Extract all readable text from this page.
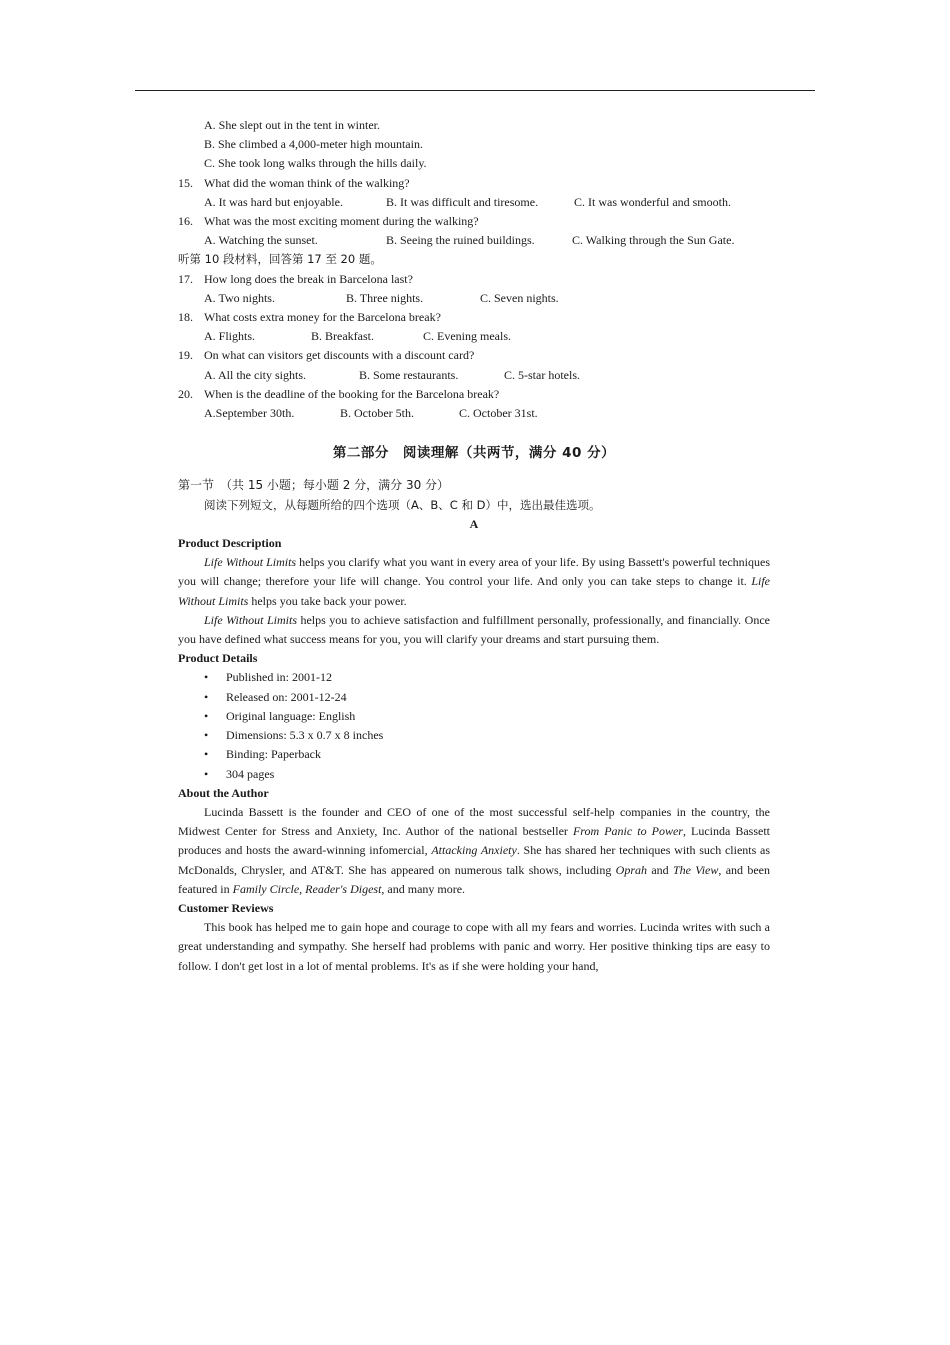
A. She slept out in the tent in winter.
B. She climbed a 4,000-meter high mountain.
C. She took long walks through the hills daily.
15. What did the woman think of the walking?
A. It was hard but enjoyable.	B. It was difficult and tiresome.	C. It was wonderful and smooth.
16. What was the most exciting moment during the walking?
A. Watching the sunset.	B. Seeing the ruined buildings.	C. Walking through the Sun Gate.
听第 10 段材料，回答第 17 至 20 题。
17. How long does the break in Barcelona last?
A. Two nights.	B. Three nights.	C. Seven nights.
18. What costs extra money for the Barcelona break?
A. Flights.	B. Breakfast.	C. Evening meals.
19. On what can visitors get discounts with a discount card?
A. All the city sights.	B. Some restaurants.	C. 5-star hotels.
20. When is the deadline of the booking for the Barcelona break?
A.September 30th.	B. October 5th.	C. October 31st.
第二部分　阅读理解（共两节，满分 40 分）
第一节　（共 15 小题；每小题 2 分，满分 30 分）
阅读下列短文，从每题所给的四个选项（A、B、C 和 D）中，选出最佳选项。
A
Product Description
Life Without Limits helps you clarify what you want in every area of your life. By using Bassett's powerful techniques you will change; therefore your life will change. You control your life. And only you can take steps to change it. Life Without Limits helps you take back your power.
Life Without Limits helps you to achieve satisfaction and fulfillment personally, professionally, and financially. Once you have defined what success means for you, you will clarify your dreams and start pursuing them.
Product Details
• Published in: 2001-12
• Released on: 2001-12-24
• Original language: English
• Dimensions: 5.3 x 0.7 x 8 inches
• Binding: Paperback
• 304 pages
About the Author
Lucinda Bassett is the founder and CEO of one of the most successful self-help companies in the country, the Midwest Center for Stress and Anxiety, Inc. Author of the national bestseller From Panic to Power, Lucinda Bassett produces and hosts the award-winning infomercial, Attacking Anxiety. She has shared her techniques with such clients as McDonalds, Chrysler, and AT&T. She has appeared on numerous talk shows, including Oprah and The View, and been featured in Family Circle, Reader's Digest, and many more.
Customer Reviews
This book has helped me to gain hope and courage to cope with all my fears and worries. Lucinda writes with such a great understanding and sympathy. She herself had problems with panic and worry. Her positive thinking tips are easy to follow. I don't get lost in a lot of mental problems. It's as if she were holding your hand,
